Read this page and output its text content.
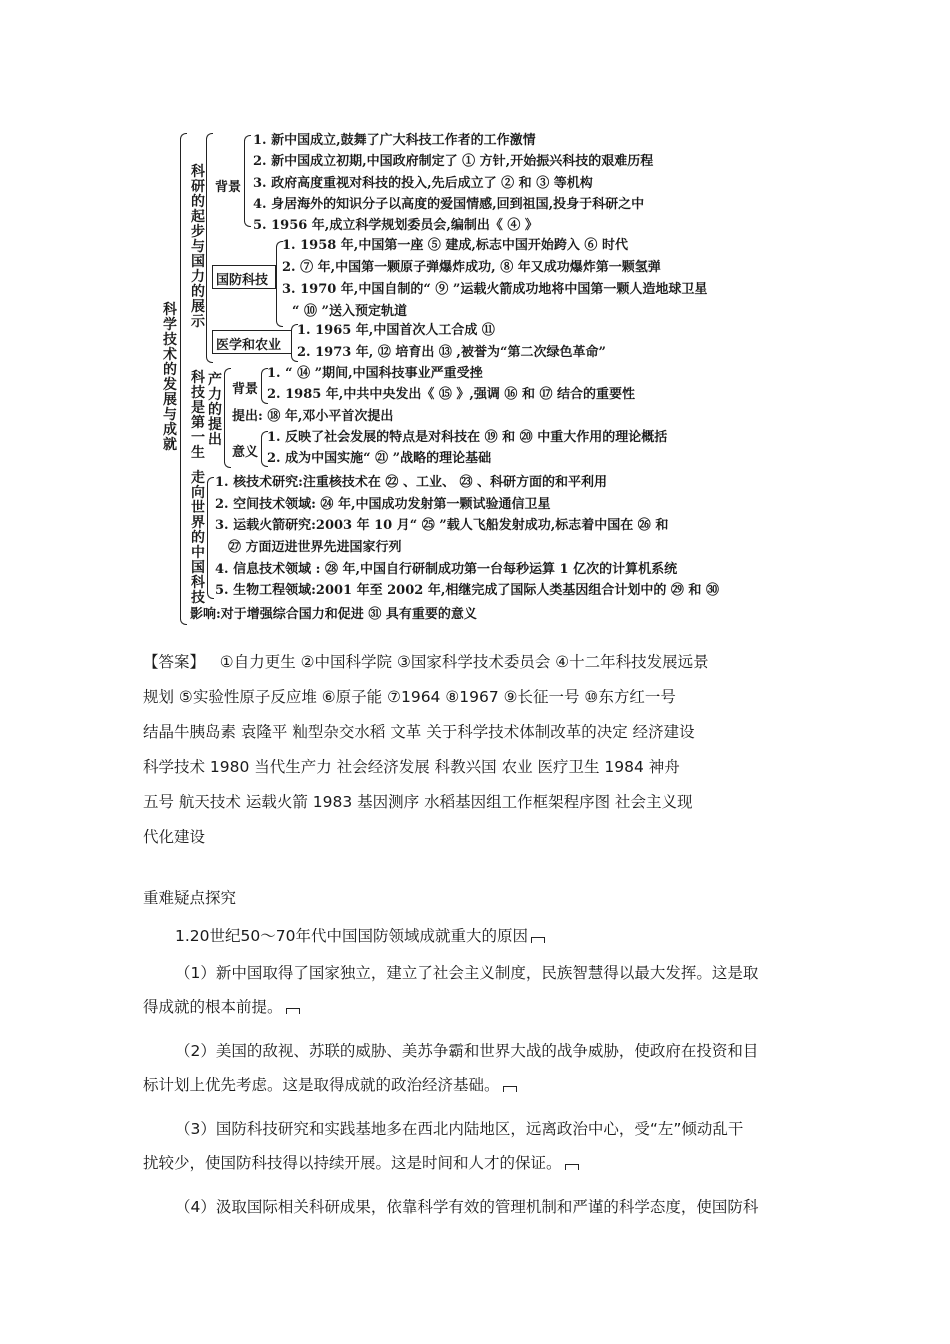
科学技术的发展与成就
科研的起步与国力的展示
背景
1. 新中国成立,鼓舞了广大科技工作者的工作激情
2. 新中国成立初期,中国政府制定了 ① 方针,开始振兴科技的艰难历程
3. 政府高度重视对科技的投入,先后成立了 ② 和 ③ 等机构
4. 身居海外的知识分子以高度的爱国情感,回到祖国,投身于科研之中
5. 1956 年,成立科学规划委员会,编制出《 ④ 》
国防科技
1. 1958 年,中国第一座 ⑤ 建成,标志中国开始跨入 ⑥ 时代
2. ⑦ 年,中国第一颗原子弹爆炸成功, ⑧ 年又成功爆炸第一颗氢弹
3. 1970 年,中国自制的“ ⑨ ”运载火箭成功地将中国第一颗人造地球卫星
“ ⑩ ”送入预定轨道
医学和农业
1. 1965 年,中国首次人工合成 ⑪
2. 1973 年, ⑫ 培育出 ⑬ ,被誉为“第二次绿色革命”
科技是第一生
产力的提出
背景
1. “ ⑭ ”期间,中国科技事业严重受挫
2. 1985 年,中共中央发出《 ⑮ 》,强调 ⑯ 和 ⑰ 结合的重要性
提出: ⑱ 年,邓小平首次提出
意义
1. 反映了社会发展的特点是对科技在 ⑲ 和 ⑳ 中重大作用的理论概括
2. 成为中国实施“ ㉑ ”战略的理论基础
走向世界的中国科技
1. 核技术研究:注重核技术在 ㉒ 、工业、 ㉓ 、科研方面的和平利用
2. 空间技术领域: ㉔ 年,中国成功发射第一颗试验通信卫星
3. 运载火箭研究:2003 年 10 月“ ㉕ ”载人飞船发射成功,标志着中国在 ㉖ 和
㉗ 方面迈进世界先进国家行列
4. 信息技术领域 : ㉘ 年,中国自行研制成功第一台每秒运算 1 亿次的计算机系统
5. 生物工程领域:2001 年至 2002 年,相继完成了国际人类基因组合计划中的 ㉙ 和 ㉚
影响:对于增强综合国力和促进 ㉛ 具有重要的意义
【答案】 ①自力更生 ②中国科学院 ③国家科学技术委员会 ④十二年科技发展远景
规划 ⑤实验性原子反应堆 ⑥原子能 ⑦1964 ⑧1967 ⑨长征一号 ⑩东方红一号
结晶牛胰岛素 袁隆平 籼型杂交水稻 文革 关于科学技术体制改革的决定 经济建设
科学技术 1980 当代生产力 社会经济发展 科教兴国 农业 医疗卫生 1984 神舟
五号 航天技术 运载火箭 1983 基因测序 水稻基因组工作框架程序图 社会主义现
代化建设
重难疑点探究
1.20世纪50～70年代中国国防领域成就重大的原因
（1）新中国取得了国家独立，建立了社会主义制度，民族智慧得以最大发挥。这是取
得成就的根本前提。
（2）美国的敌视、苏联的威胁、美苏争霸和世界大战的战争威胁，使政府在投资和目
标计划上优先考虑。这是取得成就的政治经济基础。
（3）国防科技研究和实践基地多在西北内陆地区，远离政治中心，受“左”倾动乱干
扰较少，使国防科技得以持续开展。这是时间和人才的保证。
（4）汲取国际相关科研成果，依靠科学有效的管理机制和严谨的科学态度，使国防科
